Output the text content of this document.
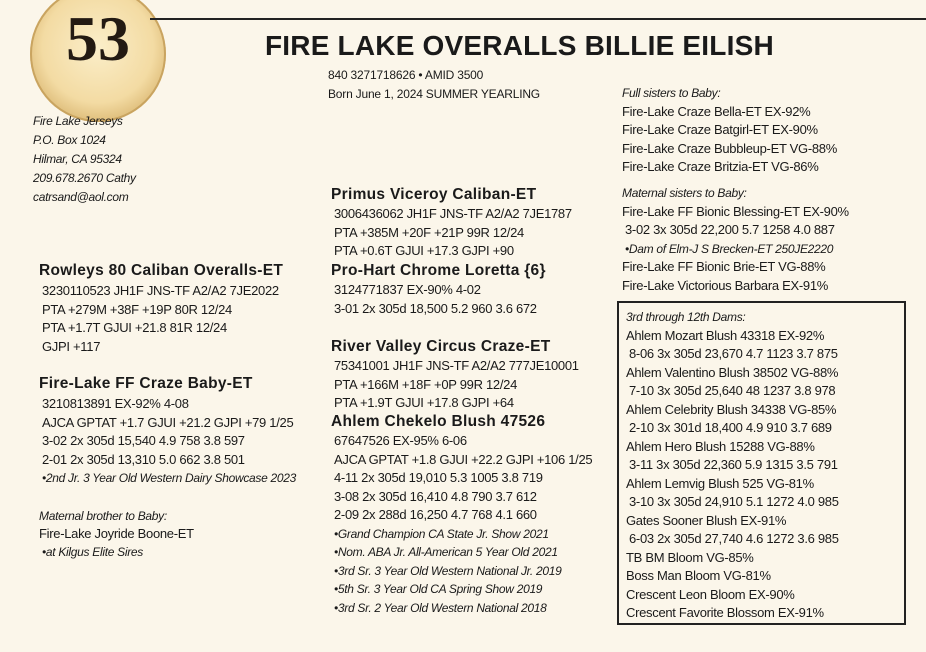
53	FIRE LAKE OVERALLS BILLIE EILISH
840 3271718626 • AMID 3500
Born June 1, 2024 SUMMER YEARLING
Fire Lake Jerseys
P.O. Box 1024
Hilmar, CA 95324
209.678.2670 Cathy
catrsand@aol.com
Rowleys 80 Caliban Overalls-ET
3230110523 JH1F JNS-TF A2/A2 7JE2022
PTA +279M +38F +19P 80R 12/24
PTA +1.7T GJUI +21.8 81R 12/24
GJPI +117
Fire-Lake FF Craze Baby-ET
3210813891 EX-92% 4-08
AJCA GPTAT +1.7 GJUI +21.2 GJPI +79 1/25
3-02 2x 305d 15,540 4.9 758 3.8 597
2-01 2x 305d 13,310 5.0 662 3.8 501
•2nd Jr. 3 Year Old Western Dairy Showcase 2023
Maternal brother to Baby:
Fire-Lake Joyride Boone-ET
•at Kilgus Elite Sires
Primus Viceroy Caliban-ET
3006436062 JH1F JNS-TF A2/A2 7JE1787
PTA +385M +20F +21P 99R 12/24
PTA +0.6T GJUI +17.3 GJPI +90
Pro-Hart Chrome Loretta {6}
3124771837 EX-90% 4-02
3-01 2x 305d 18,500 5.2 960 3.6 672
River Valley Circus Craze-ET
75341001 JH1F JNS-TF A2/A2 777JE10001
PTA +166M +18F +0P 99R 12/24
PTA +1.9T GJUI +17.8 GJPI +64
Ahlem Chekelo Blush 47526
67647526 EX-95% 6-06
AJCA GPTAT +1.8 GJUI +22.2 GJPI +106 1/25
4-11 2x 305d 19,010 5.3 1005 3.8 719
3-08 2x 305d 16,410 4.8 790 3.7 612
2-09 2x 288d 16,250 4.7 768 4.1 660
•Grand Champion CA State Jr. Show 2021
•Nom. ABA Jr. All-American 5 Year Old 2021
•3rd Sr. 3 Year Old Western National Jr. 2019
•5th Sr. 3 Year Old CA Spring Show 2019
•3rd Sr. 2 Year Old Western National 2018
Full sisters to Baby:
Fire-Lake Craze Bella-ET EX-92%
Fire-Lake Craze Batgirl-ET EX-90%
Fire-Lake Craze Bubbleup-ET VG-88%
Fire-Lake Craze Britzia-ET VG-86%
Maternal sisters to Baby:
Fire-Lake FF Bionic Blessing-ET EX-90%
3-02 3x 305d 22,200 5.7 1258 4.0 887
•Dam of Elm-J S Brecken-ET 250JE2220
Fire-Lake FF Bionic Brie-ET VG-88%
Fire-Lake Victorious Barbara EX-91%
3rd through 12th Dams:
Ahlem Mozart Blush 43318 EX-92%
8-06 3x 305d 23,670 4.7 1123 3.7 875
Ahlem Valentino Blush 38502 VG-88%
7-10 3x 305d 25,640 48 1237 3.8 978
Ahlem Celebrity Blush 34338 VG-85%
2-10 3x 301d 18,400 4.9 910 3.7 689
Ahlem Hero Blush 15288 VG-88%
3-11 3x 305d 22,360 5.9 1315 3.5 791
Ahlem Lemvig Blush 525 VG-81%
3-10 3x 305d 24,910 5.1 1272 4.0 985
Gates Sooner Blush EX-91%
6-03 2x 305d 27,740 4.6 1272 3.6 985
TB BM Bloom VG-85%
Boss Man Bloom VG-81%
Crescent Leon Bloom EX-90%
Crescent Favorite Blossom EX-91%
